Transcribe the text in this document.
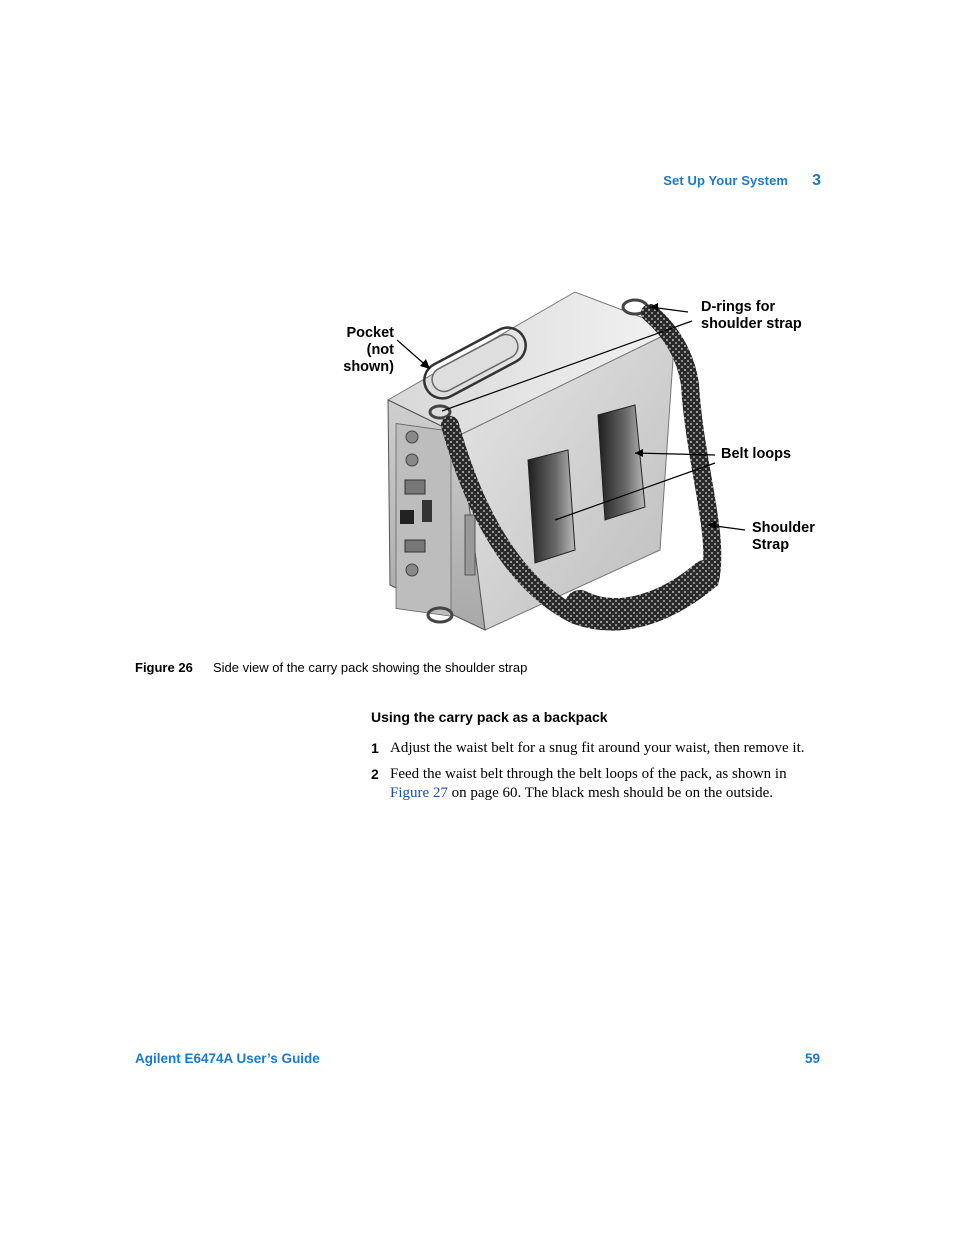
Set Up Your System 3
Pocket
(not shown)
D-rings for
shoulder strap
Belt loops
Shoulder
Strap
Figure 26	Side view of the carry pack showing the shoulder strap
Using the carry pack as a backpack
1 Adjust the waist belt for a snug fit around your waist, then remove it.
2 Feed the waist belt through the belt loops of the pack, as shown in Figure 27 on page 60. The black mesh should be on the outside.
Agilent E6474A User’s Guide	59
